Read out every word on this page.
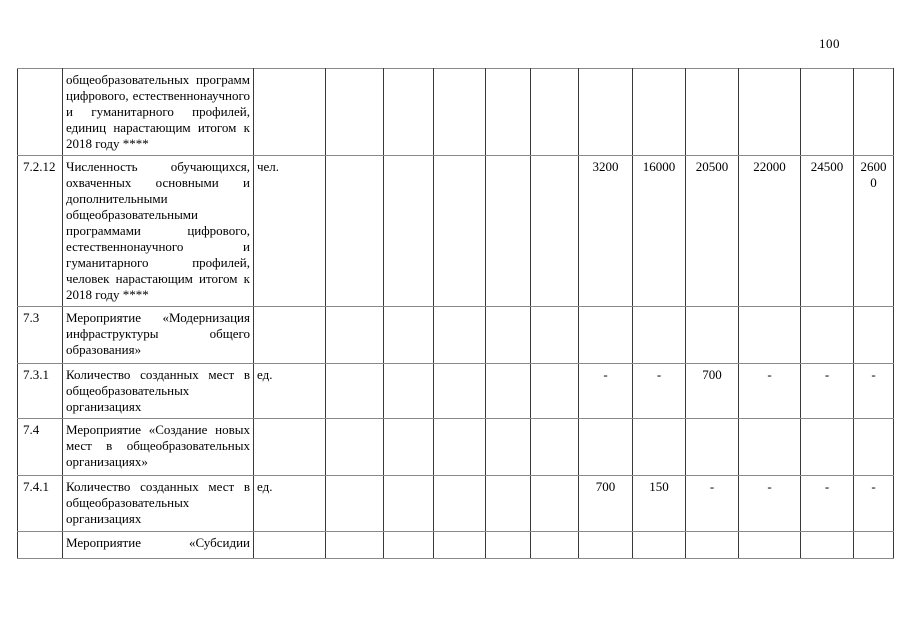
100
	общеобразовательных программ цифрового, естественнонаучного и гуманитарного профилей, единиц нарастающим итогом к 2018 году ****												
7.2.12	Численность обучающихся, охваченных основными и дополнительными общеобразовательными программами цифрового, естественнонаучного и гуманитарного профилей, человек нарастающим итогом к 2018 году ****	чел.						3200	16000	20500	22000	24500	26000
7.3	Мероприятие «Модернизация инфраструктуры общего образования»												
7.3.1	Количество созданных мест в общеобразовательных организациях	ед.						-	-	700	-	-	-
7.4	Мероприятие «Создание новых мест в общеобразовательных организациях»												
7.4.1	Количество созданных мест в общеобразовательных организациях	ед.						700	150	-	-	-	-
	Мероприятие «Субсидии												
